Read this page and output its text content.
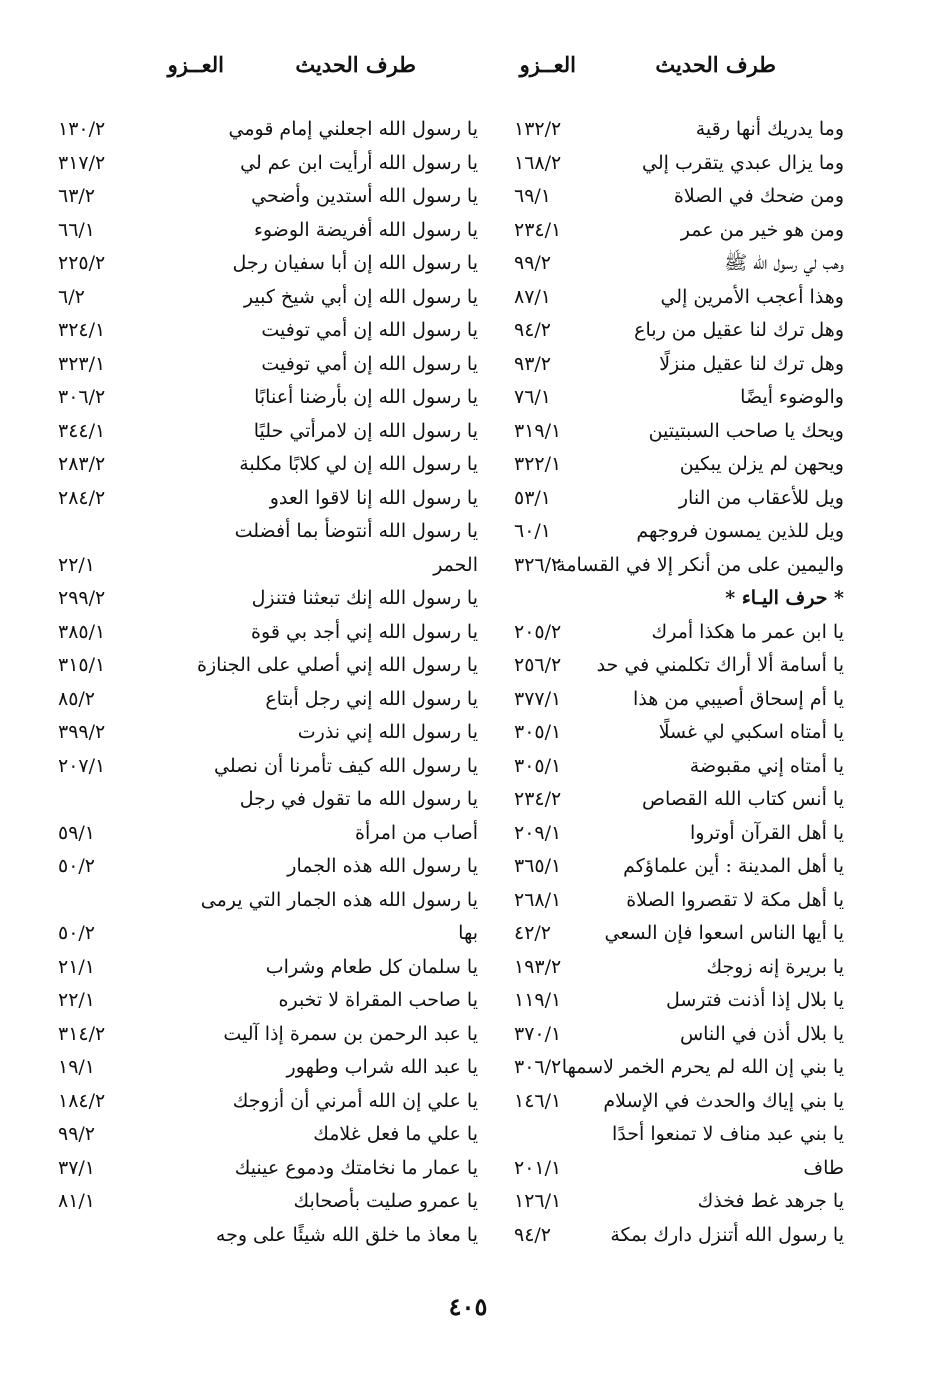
طرف الحديث
العــزو
طرف الحديث
العــزو
وما يدريك أنها رقية
١٣٢/٢
وما يزال عبدي يتقرب إلي
١٦٨/٢
ومن ضحك في الصلاة
٦٩/١
ومن هو خير من عمر
٢٣٤/١
وهب لي رسول الله ﷺ
٩٩/٢
وهذا أعجب الأمرين إلي
٨٧/١
وهل ترك لنا عقيل من رباع
٩٤/٢
وهل ترك لنا عقيل منزلًا
٩٣/٢
والوضوء أيضًا
٧٦/١
ويحك يا صاحب السبتيتين
٣١٩/١
ويحهن لم يزلن يبكين
٣٢٢/١
ويل للأعقاب من النار
٥٣/١
ويل للذين يمسون فروجهم
٦٠/١
واليمين على من أنكر إلا في القسامة
٣٢٦/٢
* حرف اليـاء *
يا ابن عمر ما هكذا أمرك
٢٠٥/٢
يا أسامة ألا أراك تكلمني في حد
٢٥٦/٢
يا أم إسحاق أصيبي من هذا
٣٧٧/١
يا أمتاه اسكبي لي غسلًا
٣٠٥/١
يا أمتاه إني مقبوضة
٣٠٥/١
يا أنس كتاب الله القصاص
٢٣٤/٢
يا أهل القرآن أوتروا
٢٠٩/١
يا أهل المدينة : أين علماؤكم
٣٦٥/١
يا أهل مكة لا تقصروا الصلاة
٢٦٨/١
يا أيها الناس اسعوا فإن السعي
٤٢/٢
يا بريرة إنه زوجك
١٩٣/٢
يا بلال إذا أذنت فترسل
١١٩/١
يا بلال أذن في الناس
٣٧٠/١
يا بني إن الله لم يحرم الخمر لاسمها
٣٠٦/٢
يا بني إياك والحدث في الإسلام
١٤٦/١
يا بني عبد مناف لا تمنعوا أحدًا
طاف
٢٠١/١
يا جرهد غط فخذك
١٢٦/١
يا رسول الله أتنزل دارك بمكة
٩٤/٢
يا رسول الله اجعلني إمام قومي
١٣٠/٢
يا رسول الله أرأيت ابن عم لي
٣١٧/٢
يا رسول الله أستدين وأضحي
٦٣/٢
يا رسول الله أفريضة الوضوء
٦٦/١
يا رسول الله إن أبا سفيان رجل
٢٢٥/٢
يا رسول الله إن أبي شيخ كبير
٦/٢
يا رسول الله إن أمي توفيت
٣٢٤/١
يا رسول الله إن أمي توفيت
٣٢٣/١
يا رسول الله إن بأرضنا أعنابًا
٣٠٦/٢
يا رسول الله إن لامرأتي حليًا
٣٤٤/١
يا رسول الله إن لي كلابًا مكلبة
٢٨٣/٢
يا رسول الله إنا لاقوا العدو
٢٨٤/٢
يا رسول الله أنتوضأ بما أفضلت
الحمر
٢٢/١
يا رسول الله إنك تبعثنا فتنزل
٢٩٩/٢
يا رسول الله إني أجد بي قوة
٣٨٥/١
يا رسول الله إني أصلي على الجنازة
٣١٥/١
يا رسول الله إني رجل أبتاع
٨٥/٢
يا رسول الله إني نذرت
٣٩٩/٢
يا رسول الله كيف تأمرنا أن نصلي
٢٠٧/١
يا رسول الله ما تقول في رجل
أصاب من امرأة
٥٩/١
يا رسول الله هذه الجمار
٥٠/٢
يا رسول الله هذه الجمار التي يرمى
بها
٥٠/٢
يا سلمان كل طعام وشراب
٢١/١
يا صاحب المقراة لا تخبره
٢٢/١
يا عبد الرحمن بن سمرة إذا آليت
٣١٤/٢
يا عبد الله شراب وطهور
١٩/١
يا علي إن الله أمرني أن أزوجك
١٨٤/٢
يا علي ما فعل غلامك
٩٩/٢
يا عمار ما نخامتك ودموع عينيك
٣٧/١
يا عمرو صليت بأصحابك
٨١/١
يا معاذ ما خلق الله شيئًا على وجه
٤٠٥
